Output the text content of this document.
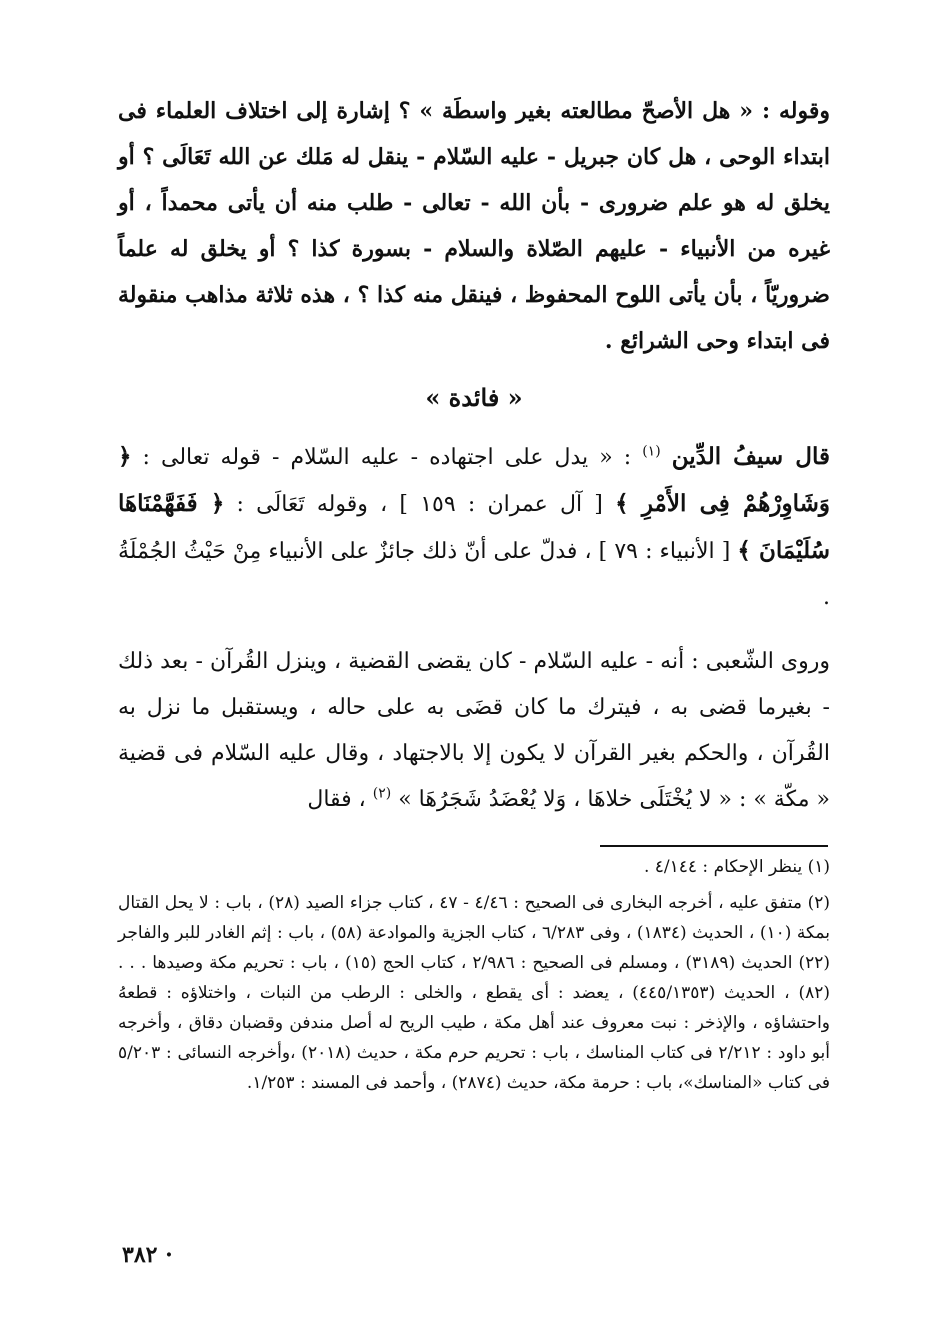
وقوله : « هل الأصحّ مطالعته بغير واسطَة » ؟ إشارة إلى اختلاف العلماء فى ابتداء الوحى ، هل كان جبريل - عليه السّلام - ينقل له مَلك عن الله تَعَالَى ؟ أو يخلق له هو علم ضرورى - بأن الله - تعالى - طلب منه أن يأتى محمداً ، أو غيره من الأنبياء - عليهم الصّلاة والسلام - بسورة كذا ؟ أو يخلق له علماً ضروريّاً ، بأن يأتى اللوح المحفوظ ، فينقل منه كذا ؟ ، هذه ثلاثة مذاهب منقولة فى ابتداء وحى الشرائع .

« فائدة »

قال سيفُ الدِّين $^{(١)}$ : « يدل على اجتهاده - عليه السّلام - قوله تعالى : ﴿ وَشَاوِرْهُمْ فِى الأَمْرِ ﴾ [ آل عمران : ١٥٩ ] ، وقوله تَعَالَى : ﴿ فَفَهَّمْنَاهَا سُلَيْمَانَ ﴾ [ الأنبياء : ٧٩ ] ، فدلّ على أنّ ذلك جائزٌ على الأنبياء مِنْ حَيْثُ الجُمْلَةُ .

وروى الشّعبى : أنه - عليه السّلام - كان يقضى القضية ، وينزل القُرآن - بعد ذلك - بغيرما قضى به ، فيترك ما كان قضَى به على حاله ، ويستقبل ما نزل به القُرآن ، والحكم بغير القرآن لا يكون إلا بالاجتهاد ، وقال عليه السّلام فى قضية « مكّة » : « لا يُخْتَلَى خلاهَا ، وَلا يُعْضَدُ شَجَرُهَا » $^{(٢)}$ ، فقال

(١) ينظر الإحكام : ٤/١٤٤ .

(٢) متفق عليه ، أخرجه البخارى فى الصحيح : ٤/٤٦ - ٤٧ ، كتاب جزاء الصيد (٢٨) ، باب : لا يحل القتال بمكة (١٠) ، الحديث (١٨٣٤) ، وفى ٦/٢٨٣ ، كتاب الجزية والموادعة (٥٨) ، باب : إثم الغادر للبر والفاجر (٢٢) الحديث (٣١٨٩) ، ومسلم فى الصحيح : ٢/٩٨٦ ، كتاب الحج (١٥) ، باب : تحريم مكة وصيدها . . . (٨٢) ، الحديث (٤٤٥/١٣٥٣) ، يعضد : أى يقطع ، والخلى : الرطب من النبات ، واختلاؤه : قطعهُ واحتشاؤه ، والإذخر : نبت معروف عند أهل مكة ، طيب الريح له أصل مندفن وقضبان دقاق ، وأخرجه أبو داود : ٢/٢١٢ فى كتاب المناسك ، باب : تحريم حرم مكة ، حديث (٢٠١٨) ،وأخرجه النسائى : ٥/٢٠٣ فى كتاب «المناسك»، باب : حرمة مكة، حديث (٢٨٧٤) ، وأحمد فى المسند : ١/٢٥٣.

٣٨٢ ·
